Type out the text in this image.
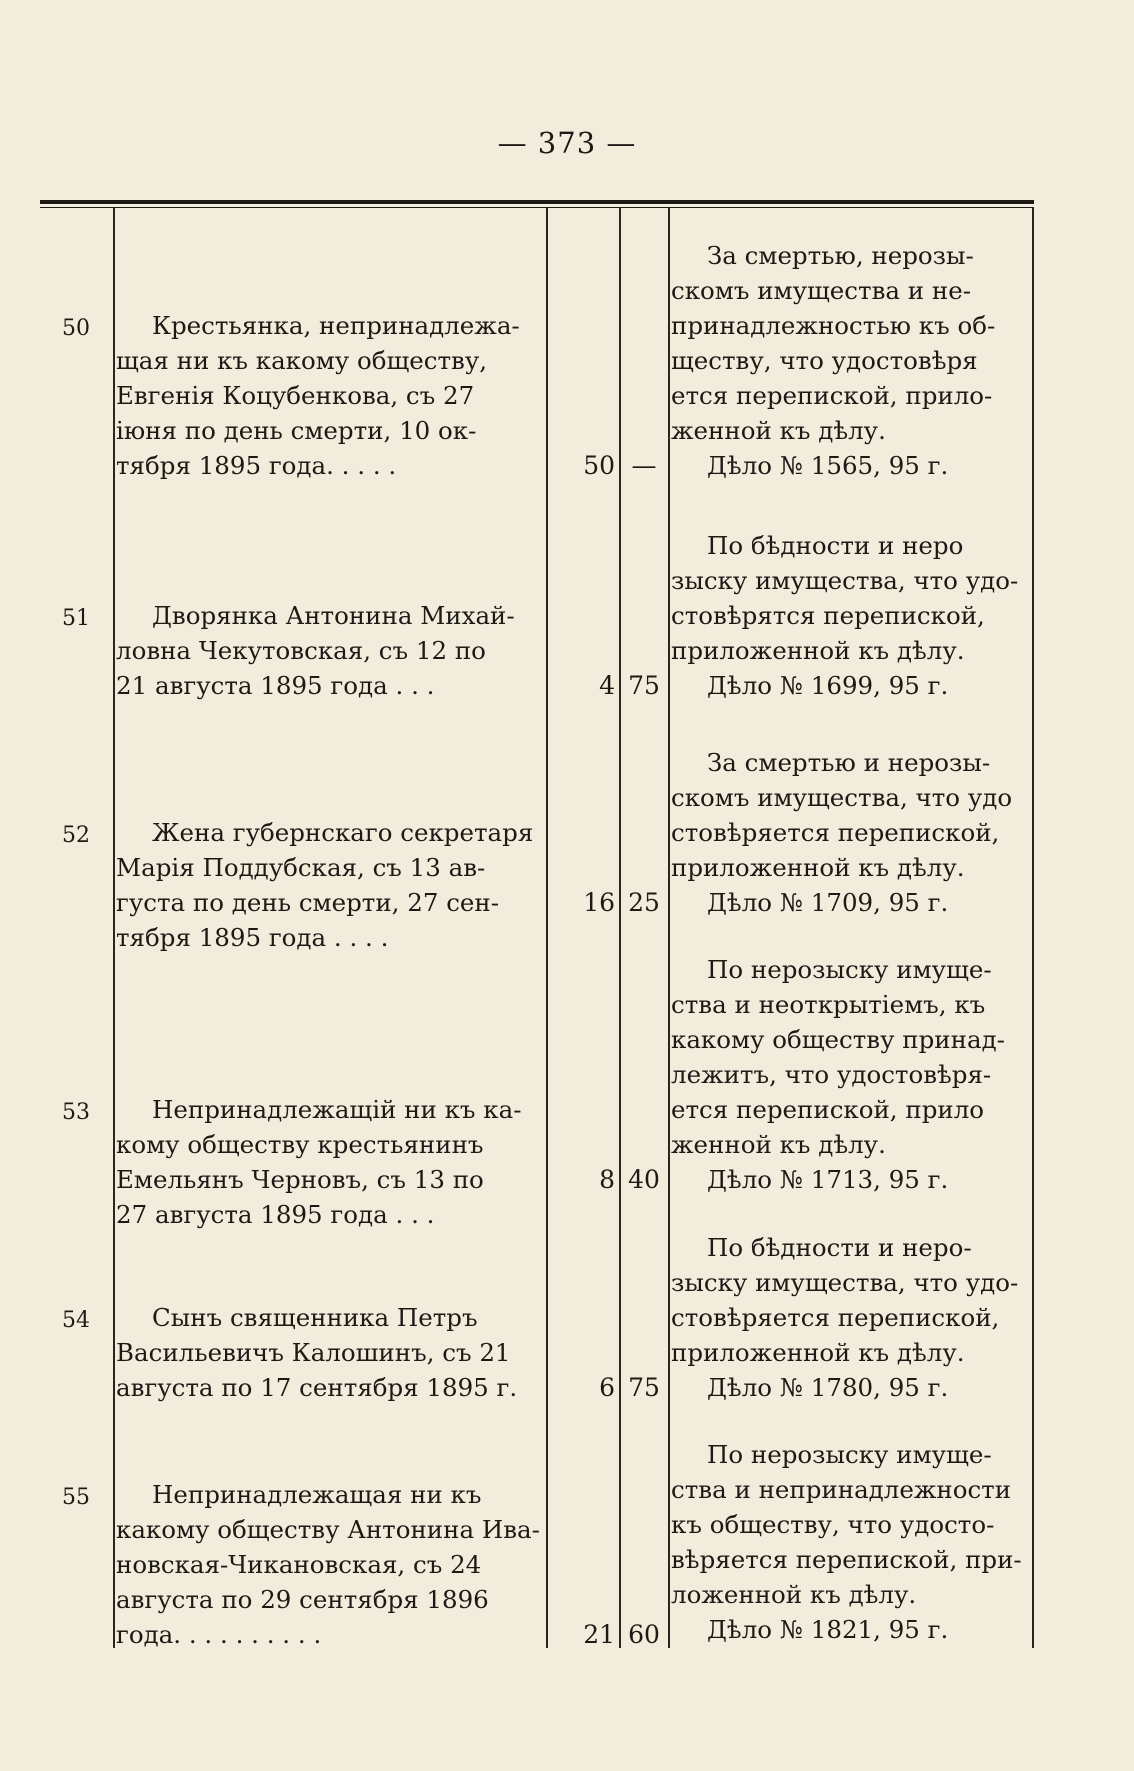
— 373 —
50	Крестьянка, непринадлежа-
щая ни къ какому обществу,
Евгенія Коцубенкова, съ 27
іюня по день смерти, 10 ок-
тября 1895 года. . . . .	50 —
За смертью, нерозы-
скомъ имущества и не-
принадлежностью къ об-
ществу, что удостовѣря
ется перепиской, прило-
женной къ дѣлу.
Дѣло № 1565, 95 г.
51	Дворянка Антонина Михай-
ловна Чекутовская, съ 12 по
21 августа 1895 года . . .	4 75
По бѣдности и неро
зыску имущества, что удо-
стовѣрятся перепиской,
приложенной къ дѣлу.
Дѣло № 1699, 95 г.
52	Жена губернскаго секретаря
Марія Поддубская, съ 13 ав-
густа по день смерти, 27 сен-
тября 1895 года . . . .
16 25
За смертью и нерозы-
скомъ имущества, что удо
стовѣряется перепиской,
приложенной къ дѣлу.
Дѣло № 1709, 95 г.
53	Непринадлежащій ни къ ка-
кому обществу крестьянинъ
Емельянъ Черновъ, съ 13 по
27 августа 1895 года . . .
8 40
По нерозыску имуще-
ства и неоткрытіемъ, къ
какому обществу принад-
лежитъ, что удостовѣря-
ется перепиской, прило
женной къ дѣлу.
Дѣло № 1713, 95 г.
54	Сынъ священника Петръ
Васильевичъ Калошинъ, съ 21
августа по 17 сентября 1895 г.	6 75
По бѣдности и неро-
зыску имущества, что удо-
стовѣряется перепиской,
приложенной къ дѣлу.
Дѣло № 1780, 95 г.
55	Непринадлежащая ни къ
какому обществу Антонина Ива-
новская-Чикановская, съ 24
августа по 29 сентября 1896
года. . . . . . . . . .	21 60
По нерозыску имуще-
ства и непринадлежности
къ обществу, что удосто-
вѣряется перепиской, при-
ложенной къ дѣлу.
Дѣло № 1821, 95 г.
